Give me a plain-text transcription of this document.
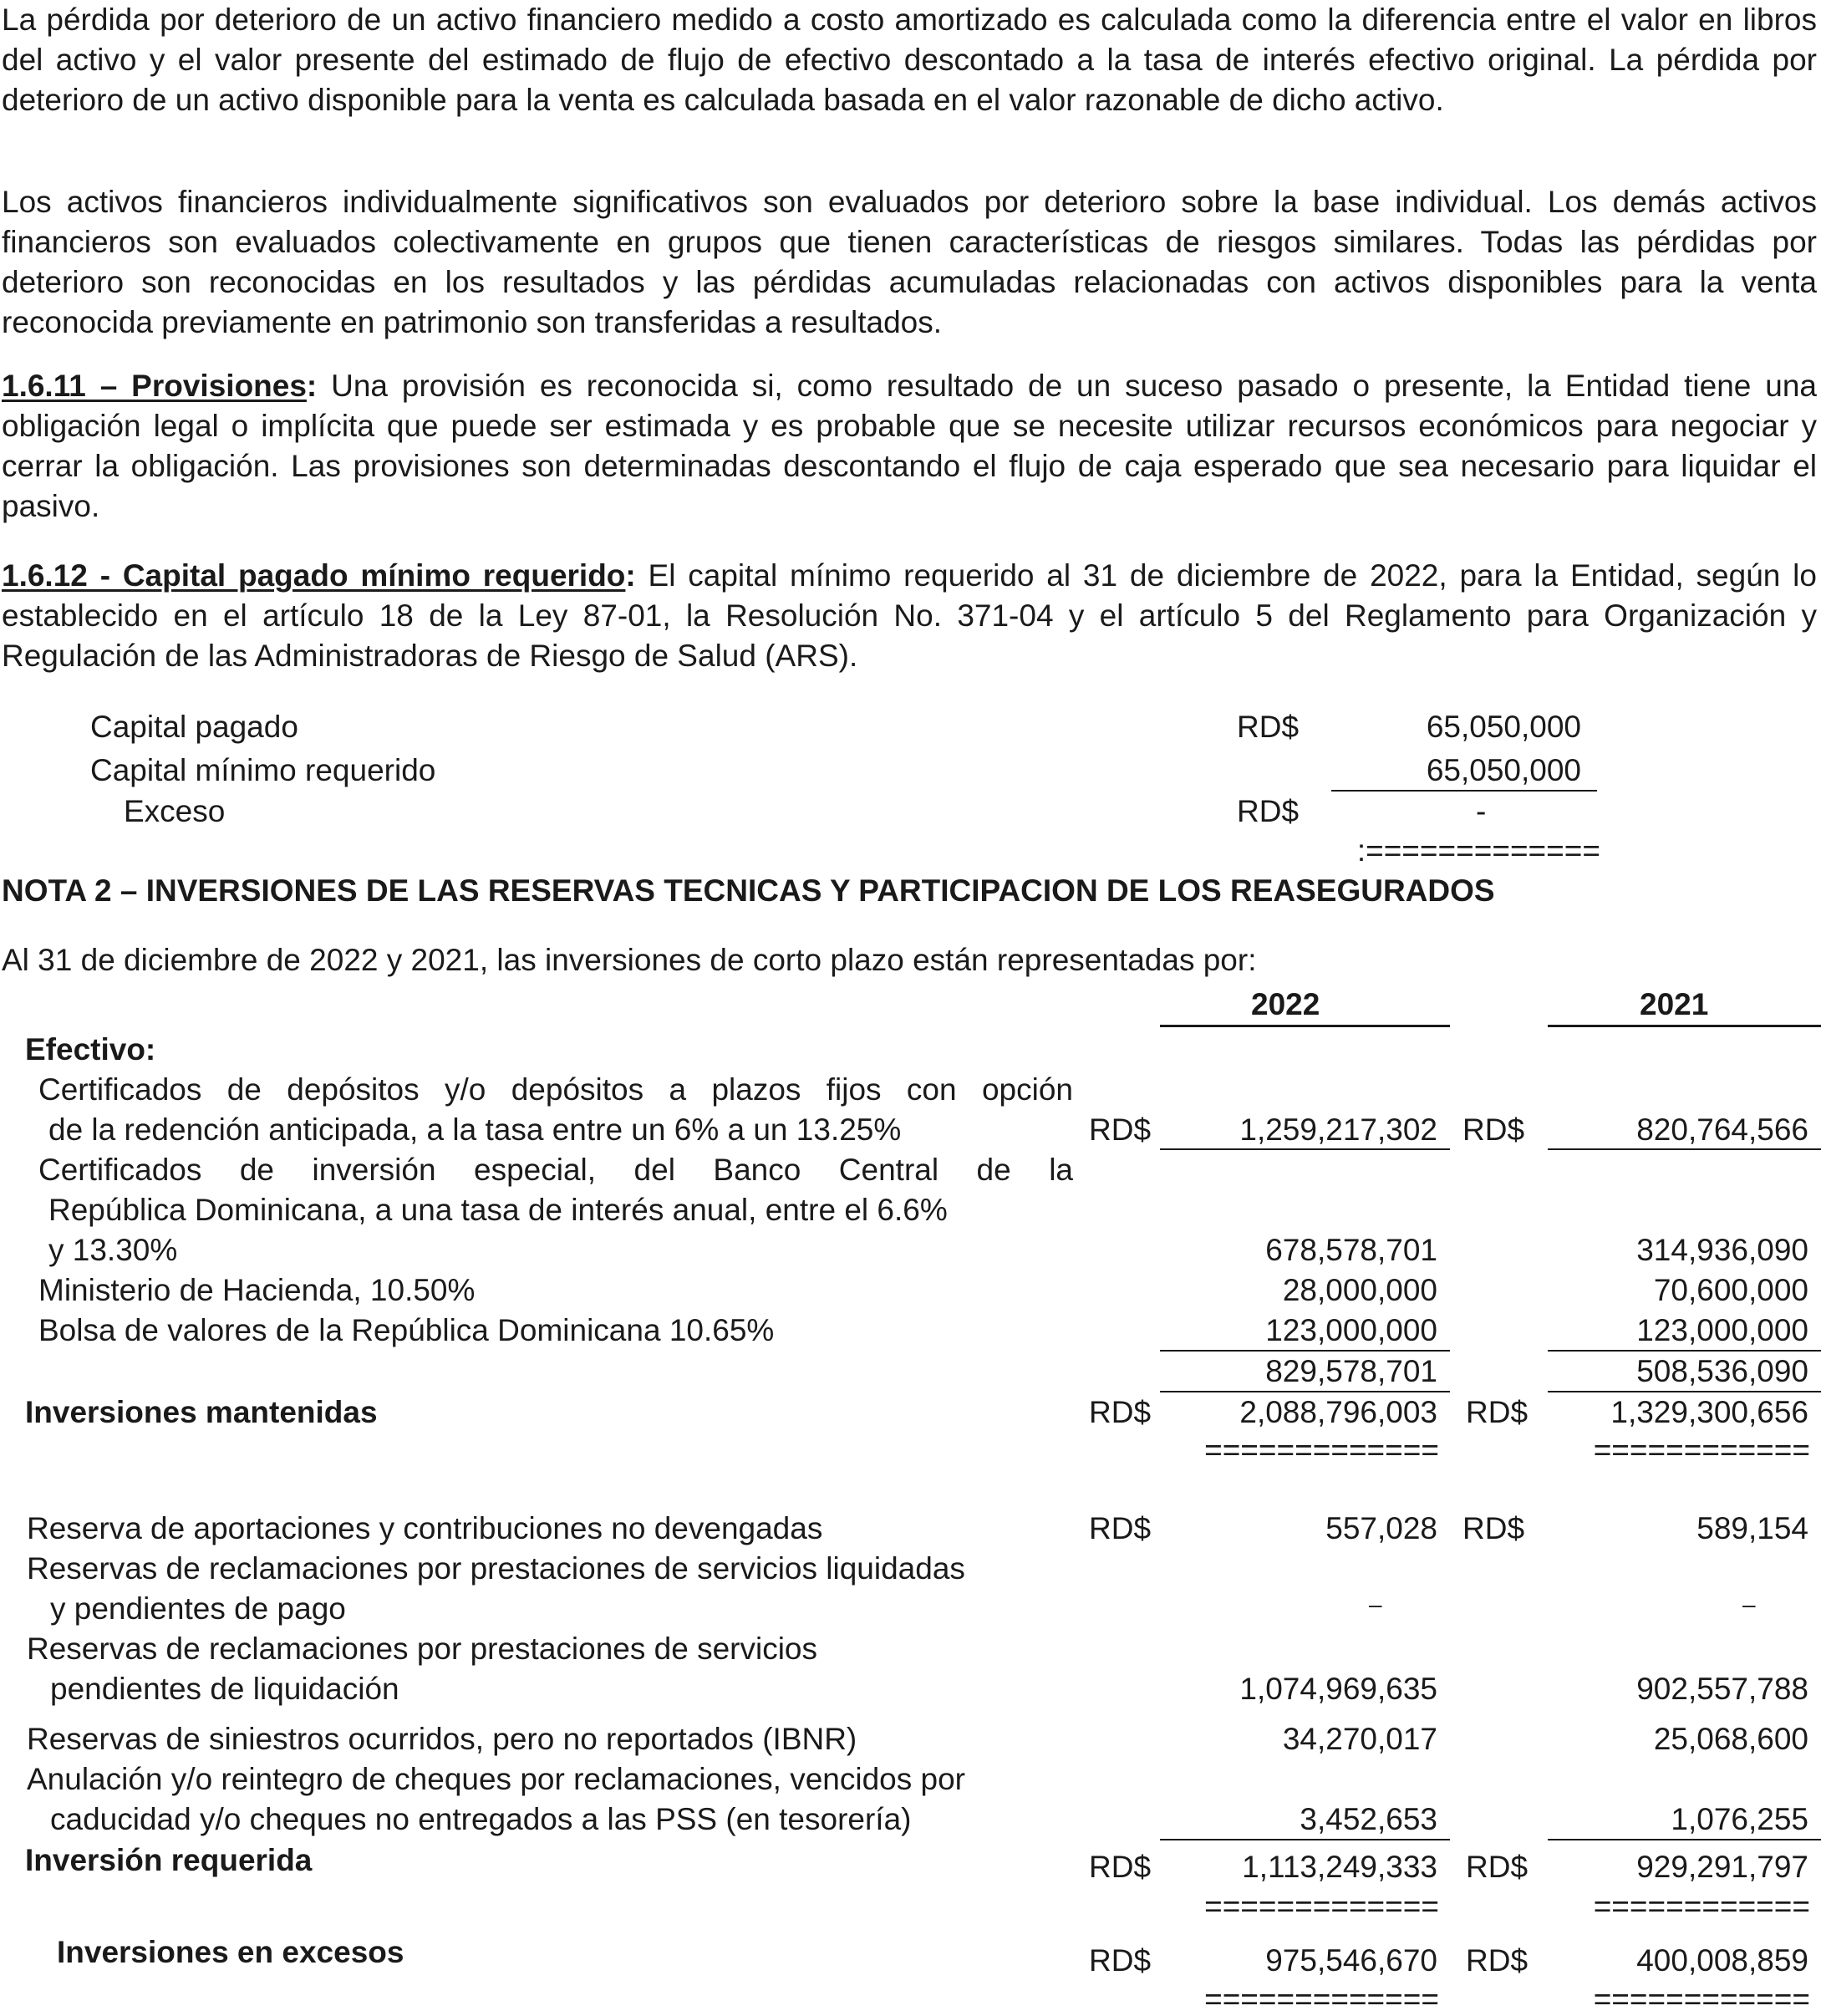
La pérdida por deterioro de un activo financiero medido a costo amortizado es calculada como la diferencia entre el valor en libros del activo y el valor presente del estimado de flujo de efectivo descontado a la tasa de interés efectivo original. La pérdida por deterioro de un activo disponible para la venta es calculada basada en el valor razonable de dicho activo.

Los activos financieros individualmente significativos son evaluados por deterioro sobre la base individual. Los demás activos financieros son evaluados colectivamente en grupos que tienen características de riesgos similares. Todas las pérdidas por deterioro son reconocidas en los resultados y las pérdidas acumuladas relacionadas con activos disponibles para la venta reconocida previamente en patrimonio son transferidas a resultados.

1.6.11 – Provisiones: Una provisión es reconocida si, como resultado de un suceso pasado o presente, la Entidad tiene una obligación legal o implícita que puede ser estimada y es probable que se necesite utilizar recursos económicos para negociar y cerrar la obligación. Las provisiones son determinadas descontando el flujo de caja esperado que sea necesario para liquidar el pasivo.

1.6.12 - Capital pagado mínimo requerido: El capital mínimo requerido al 31 de diciembre de 2022, para la Entidad, según lo establecido en el artículo 18 de la Ley 87-01, la Resolución No. 371-04 y el artículo 5 del Reglamento para Organización y Regulación de las Administradoras de Riesgo de Salud (ARS).

Capital pagado	RD$	65,050,000
Capital mínimo requerido	65,050,000
Exceso	RD$	-
:=============
NOTA 2 – INVERSIONES DE LAS RESERVAS TECNICAS Y PARTICIPACION DE LOS REASEGURADOS
Al 31 de diciembre de 2022 y 2021, las inversiones de corto plazo están representadas por:
2022	2021
Efectivo:
Certificados de depósitos y/o depósitos a plazos fijos con opción
de la redención anticipada, a la tasa entre un 6% a un 13.25%	RD$	1,259,217,302 RD$	820,764,566
Certificados de inversión especial, del Banco Central de la
República Dominicana, a una tasa de interés anual, entre el 6.6%
y 13.30%	678,578,701	314,936,090
Ministerio de Hacienda, 10.50%	28,000,000	70,600,000
Bolsa de valores de la República Dominicana 10.65%	123,000,000	123,000,000
829,578,701	508,536,090
Inversiones mantenidas	RD$	2,088,796,003 RD$	1,329,300,656
=============	============
Reserva de aportaciones y contribuciones no devengadas	RD$	557,028 RD$	589,154
Reservas de reclamaciones por prestaciones de servicios liquidadas
y pendientes de pago	–	–
Reservas de reclamaciones por prestaciones de servicios
pendientes de liquidación	1,074,969,635	902,557,788
Reservas de siniestros ocurridos, pero no reportados (IBNR)	34,270,017	25,068,600
Anulación y/o reintegro de cheques por reclamaciones, vencidos por
caducidad y/o cheques no entregados a las PSS (en tesorería)	3,452,653	1,076,255
Inversión requerida	RD$	1,113,249,333 RD$	929,291,797
=============	============
Inversiones en excesos	RD$	975,546,670 RD$	400,008,859
=============	============
